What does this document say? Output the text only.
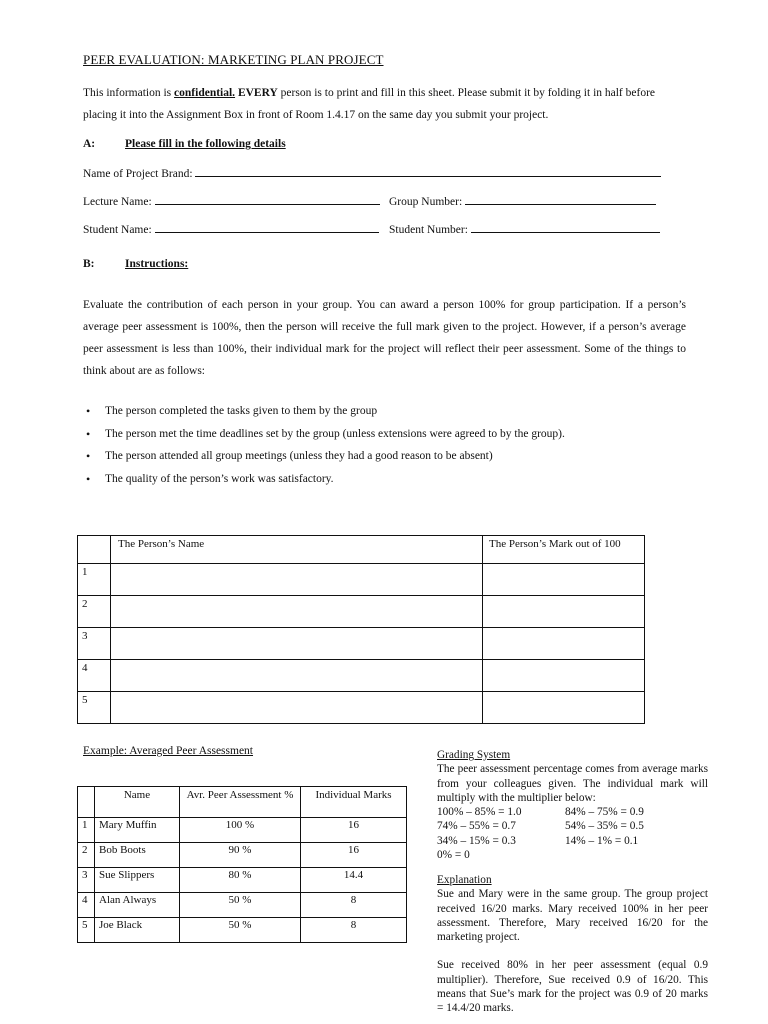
PEER EVALUATION: MARKETING PLAN PROJECT
This information is confidential. EVERY person is to print and fill in this sheet. Please submit it by folding it in half before placing it into the Assignment Box in front of Room 1.4.17 on the same day you submit your project.
A:	Please fill in the following details
Name of Project Brand:
Lecture Name:	Group Number:
Student Name:	Student Number:
B:	Instructions:
Evaluate the contribution of each person in your group. You can award a person 100% for group participation. If a person’s average peer assessment is 100%, then the person will receive the full mark given to the project. However, if a person’s average peer assessment is less than 100%, their individual mark for the project will reflect their peer assessment. Some of the things to think about are as follows:
• The person completed the tasks given to them by the group
• The person met the time deadlines set by the group (unless extensions were agreed to by the group).
• The person attended all group meetings (unless they had a good reason to be absent)
• The quality of the person’s work was satisfactory.
	The Person’s Name	The Person’s Mark out of 100
1		
2		
3		
4		
5		
Example: Averaged Peer Assessment
	Name	Avr. Peer Assessment %	Individual Marks
1	Mary Muffin	100 %	16
2	Bob Boots	90 %	16
3	Sue Slippers	80 %	14.4
4	Alan Always	50 %	8
5	Joe Black	50 %	8

Grading System

The peer assessment percentage comes from average marks from your colleagues given. The individual mark will multiply with the multiplier below:

100% – 85% = 1.0	84% – 75% = 0.9
74% – 55% = 0.7	54% – 35% = 0.5
34% – 15% = 0.3	14% – 1% = 0.1
0% = 0

Explanation

Sue and Mary were in the same group. The group project received 16/20 marks. Mary received 100% in her peer assessment. Therefore, Mary received 16/20 for the marketing project.

Sue received 80% in her peer assessment (equal 0.9 multiplier). Therefore, Sue received 0.9 of 16/20. This means that Sue’s mark for the project was 0.9 of 20 marks = 14.4/20 marks.
